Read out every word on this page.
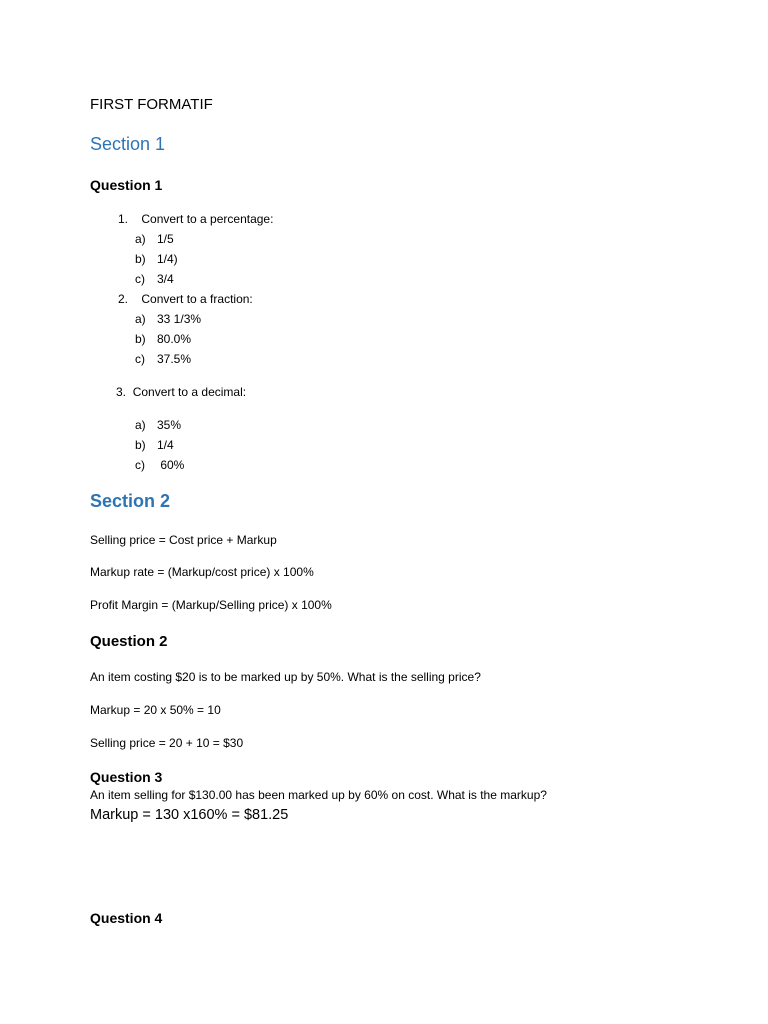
FIRST FORMATIF

Section 1

Question 1

1. Convert to a percentage:

a) 1/5

b) 1/4)

c) 3/4

2. Convert to a fraction:

a) 33 1/3%

b) 80.0%

c) 37.5%

3. Convert to a decimal:

a) 35%

b) 1/4

c) 60%

Section 2

Selling price = Cost price + Markup

Markup rate = (Markup/cost price) x 100%

Profit Margin = (Markup/Selling price) x 100%

Question 2

An item costing $20 is to be marked up by 50%. What is the selling price?

Markup = 20 x 50% = 10

Selling price = 20 + 10 = $30

Question 3

An item selling for $130.00 has been marked up by 60% on cost. What is the markup?

Markup = 130 x160% = $81.25

Question 4
